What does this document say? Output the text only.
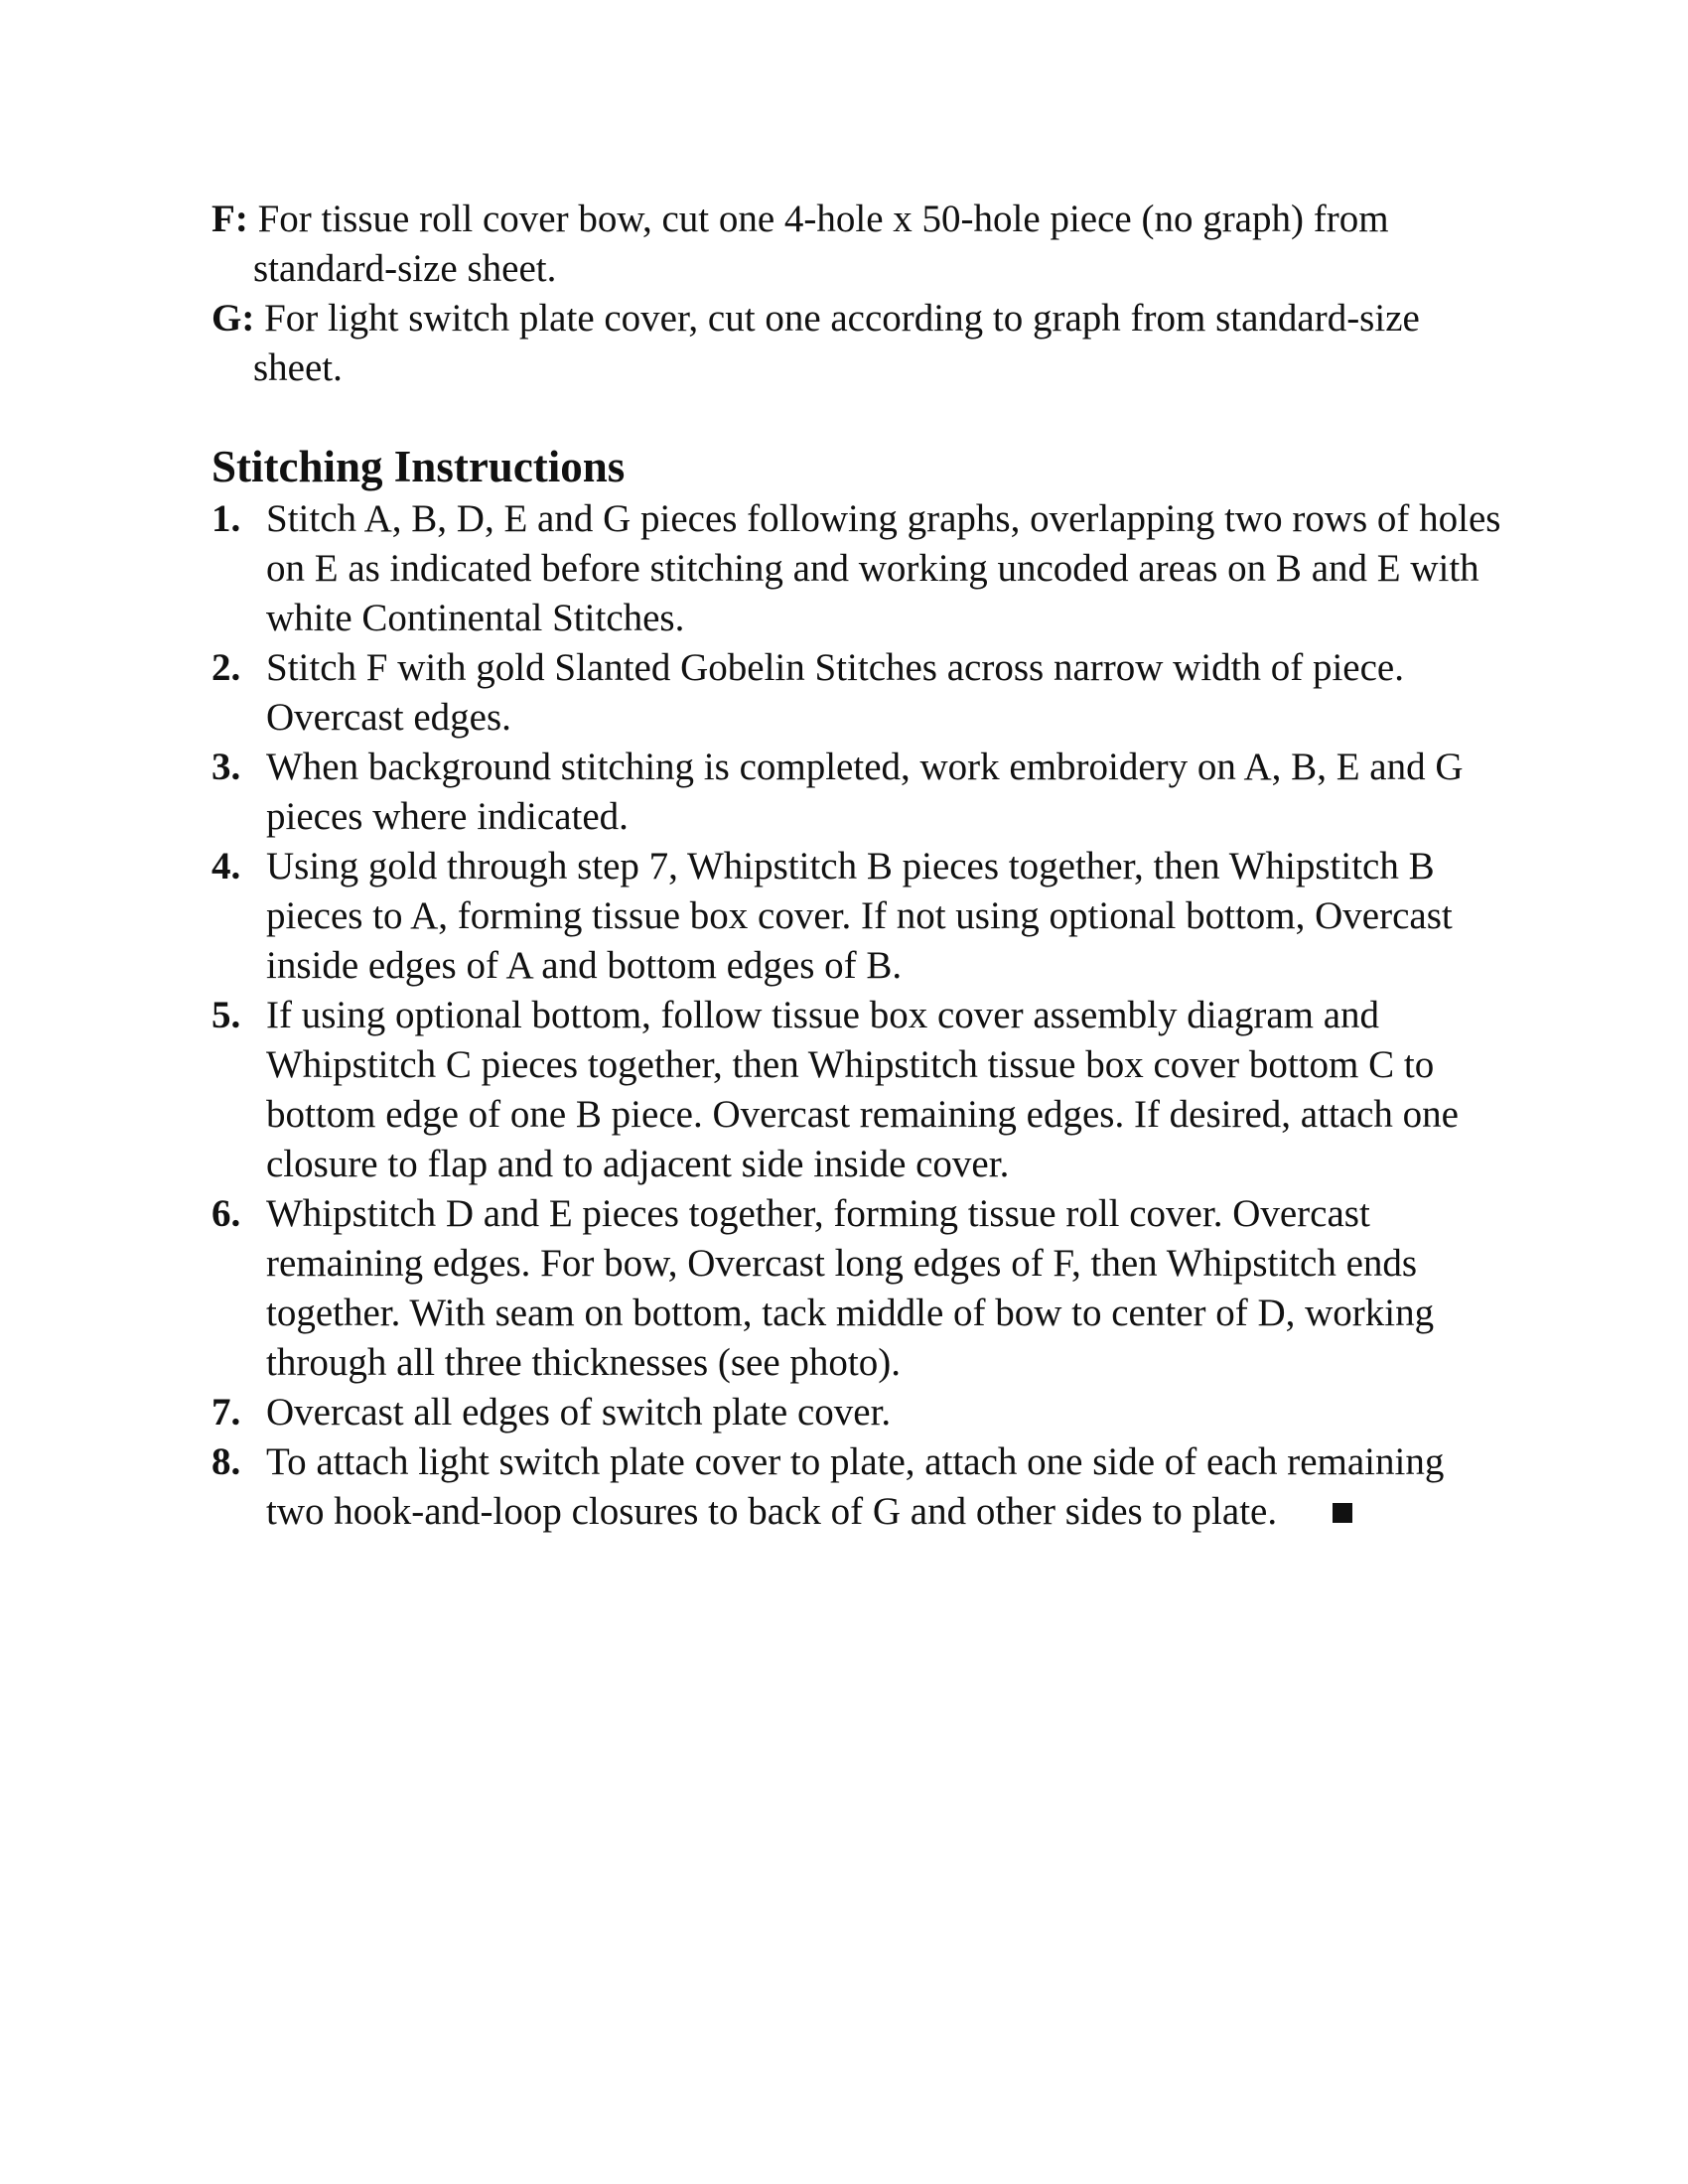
F: For tissue roll cover bow, cut one 4-hole x 50-hole piece (no graph) from standard-size sheet.
G: For light switch plate cover, cut one according to graph from standard-size sheet.
Stitching Instructions
1. Stitch A, B, D, E and G pieces following graphs, overlapping two rows of holes on E as indicated before stitching and working uncoded areas on B and E with white Continental Stitches.
2. Stitch F with gold Slanted Gobelin Stitches across narrow width of piece. Overcast edges.
3. When background stitching is completed, work embroidery on A, B, E and G pieces where indicated.
4. Using gold through step 7, Whipstitch B pieces together, then Whipstitch B pieces to A, forming tissue box cover. If not using optional bottom, Overcast inside edges of A and bottom edges of B.
5. If using optional bottom, follow tissue box cover assembly diagram and Whipstitch C pieces together, then Whipstitch tissue box cover bottom C to bottom edge of one B piece. Overcast remaining edges. If desired, attach one closure to flap and to adjacent side inside cover.
6. Whipstitch D and E pieces together, forming tissue roll cover. Overcast remaining edges. For bow, Overcast long edges of F, then Whipstitch ends together. With seam on bottom, tack middle of bow to center of D, working through all three thicknesses (see photo).
7. Overcast all edges of switch plate cover.
8. To attach light switch plate cover to plate, attach one side of each remaining two hook-and-loop closures to back of G and other sides to plate.
